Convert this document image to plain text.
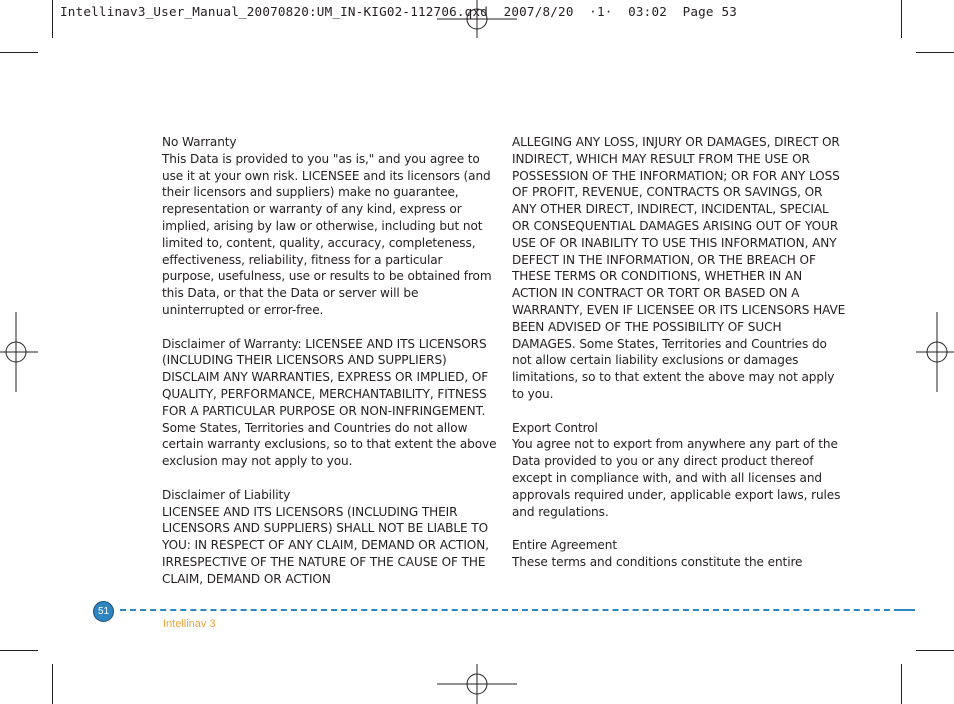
Intellinav3_User_Manual_20070820:UM_IN-KIG02-112706.qxd  2007/8/20  ·1·  03:02  Page 53

No Warranty
This Data is provided to you "as is," and you agree to use it at your own risk. LICENSEE and its licensors (and their licensors and suppliers) make no guarantee, representation or warranty of any kind, express or implied, arising by law or otherwise, including but not limited to, content, quality, accuracy, completeness, effectiveness, reliability, fitness for a particular purpose, usefulness, use or results to be obtained from this Data, or that the Data or server will be uninterrupted or error-free.

Disclaimer of Warranty: LICENSEE AND ITS LICENSORS (INCLUDING THEIR LICENSORS AND SUPPLIERS) DISCLAIM ANY WARRANTIES, EXPRESS OR IMPLIED, OF QUALITY, PERFORMANCE, MERCHANTABILITY, FITNESS FOR A PARTICULAR PURPOSE OR NON-INFRINGEMENT. Some States, Territories and Countries do not allow certain warranty exclusions, so to that extent the above exclusion may not apply to you.

Disclaimer of Liability
LICENSEE AND ITS LICENSORS (INCLUDING THEIR LICENSORS AND SUPPLIERS) SHALL NOT BE LIABLE TO YOU: IN RESPECT OF ANY CLAIM, DEMAND OR ACTION, IRRESPECTIVE OF THE NATURE OF THE CAUSE OF THE CLAIM, DEMAND OR ACTION

ALLEGING ANY LOSS, INJURY OR DAMAGES, DIRECT OR INDIRECT, WHICH MAY RESULT FROM THE USE OR POSSESSION OF THE INFORMATION; OR FOR ANY LOSS OF PROFIT, REVENUE, CONTRACTS OR SAVINGS, OR ANY OTHER DIRECT, INDIRECT, INCIDENTAL, SPECIAL OR CONSEQUENTIAL DAMAGES ARISING OUT OF YOUR USE OF OR INABILITY TO USE THIS INFORMATION, ANY DEFECT IN THE INFORMATION, OR THE BREACH OF THESE TERMS OR CONDITIONS, WHETHER IN AN ACTION IN CONTRACT OR TORT OR BASED ON A WARRANTY, EVEN IF LICENSEE OR ITS LICENSORS HAVE BEEN ADVISED OF THE POSSIBILITY OF SUCH DAMAGES. Some States, Territories and Countries do not allow certain liability exclusions or damages limitations, so to that extent the above may not apply to you.

Export Control
You agree not to export from anywhere any part of the Data provided to you or any direct product thereof except in compliance with, and with all licenses and approvals required under, applicable export laws, rules and regulations.

Entire Agreement
These terms and conditions constitute the entire

51
Intellinav 3
